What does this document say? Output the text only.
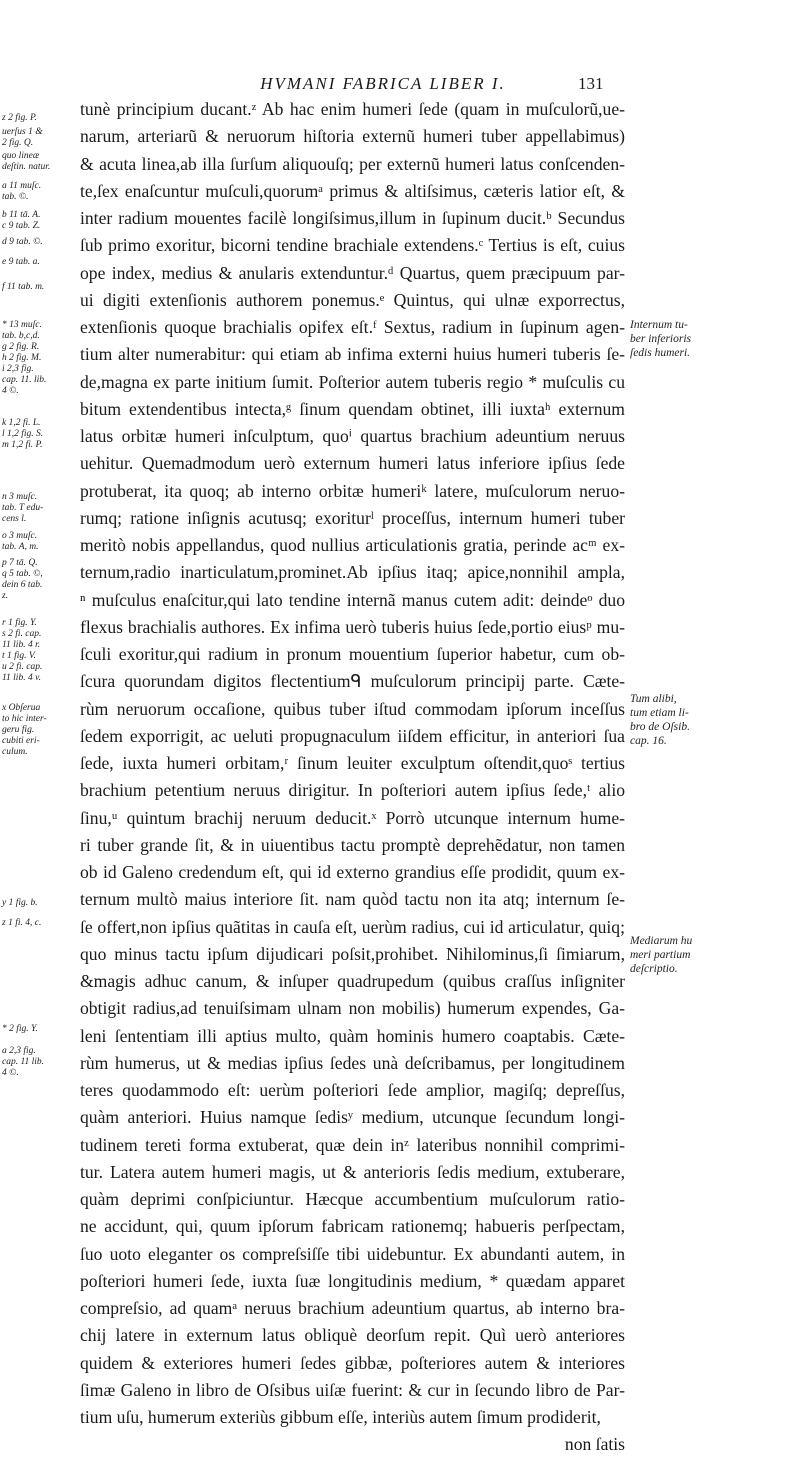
HVMANI FABRICA LIBER I.	131
tunè principium ducant.ᶻ Ab hac enim humeri ſede (quam in muſculorũ,ue-
narum, arteriarũ & neruorum hiſtoria externũ humeri tuber appellabimus)
& acuta linea,ab illa ſurſum aliquouſq; per externũ humeri latus conſcenden-
te,ſex enaſcuntur muſculi,quorumᵃ primus & altiſsimus, cæteris latior eſt, &
inter radium mouentes facilè longiſsimus,illum in ſupinum ducit.ᵇ Secundus
ſub primo exoritur, bicorni tendine brachiale extendens.ᶜ Tertius is eſt, cuius
ope index, medius & anularis extenduntur.ᵈ Quartus, quem præcipuum par-
ui digiti extenſionis authorem ponemus.ᵉ Quintus, qui ulnæ exporrectus,
extenſionis quoque brachialis opifex eſt.ᶠ Sextus, radium in ſupinum agen-
tium alter numerabitur: qui etiam ab infima externi huius humeri tuberis ſe-
de,magna ex parte initium ſumit. Poſterior autem tuberis regio * muſculis cu
bitum extendentibus intecta,ᵍ ſinum quendam obtinet, illi iuxtaʰ externum
latus orbitæ humeri inſculptum, quoⁱ quartus brachium adeuntium neruus
uehitur. Quemadmodum uerò externum humeri latus inferiore ipſius ſede
protuberat, ita quoq; ab interno orbitæ humeriᵏ latere, muſculorum neruo-
rumq; ratione inſignis acutusq; exoriturˡ proceſſus, internum humeri tuber
meritò nobis appellandus, quod nullius articulationis gratia, perinde acᵐ ex-
ternum,radio inarticulatum,prominet.Ab ipſius itaq; apice,nonnihil ampla,
ⁿ muſculus enaſcitur,qui lato tendine internã manus cutem adit: deindeᵒ duo
flexus brachialis authores. Ex infima uerò tuberis huius ſede,portio eiusᵖ mu-
ſculi exoritur,qui radium in pronum mouentium ſuperior habetur, cum ob-
ſcura quorundam digitos flectentiumᑫ muſculorum principij parte. Cæte-
rùm neruorum occaſione, quibus tuber iſtud commodam ipſorum inceſſus
ſedem exporrigit, ac ueluti propugnaculum iiſdem efficitur, in anteriori ſua
ſede, iuxta humeri orbitam,ʳ ſinum leuiter exculptum oſtendit,quoˢ tertius
brachium petentium neruus dirigitur. In poſteriori autem ipſius ſede,ᵗ alio
ſinu,ᵘ quintum brachij neruum deducit.ˣ Porrò utcunque internum hume-
ri tuber grande ſit, & in uiuentibus tactu promptè deprehẽdatur, non tamen
ob id Galeno credendum eſt, qui id externo grandius eſſe prodidit, quum ex-
ternum multò maius interiore ſit. nam quòd tactu non ita atq; internum ſe-
ſe offert,non ipſius quãtitas in cauſa eſt, uerùm radius, cui id articulatur, quiq;
quo minus tactu ipſum dijudicari poſsit,prohibet. Nihilominus,ſi ſimiarum,
&magis adhuc canum, & inſuper quadrupedum (quibus craſſus inſigniter
obtigit radius,ad tenuiſsimam ulnam non mobilis) humerum expendes, Ga-
leni ſententiam illi aptius multo, quàm hominis humero coaptabis. Cæte-
rùm humerus, ut & medias ipſius ſedes unà deſcribamus, per longitudinem
teres quodammodo eſt: uerùm poſteriori ſede amplior, magiſq; depreſſus,
quàm anteriori. Huius namque ſedisʸ medium, utcunque ſecundum longi-
tudinem tereti forma extuberat, quæ dein inᶻ lateribus nonnihil comprimi-
tur. Latera autem humeri magis, ut & anterioris ſedis medium, extuberare,
quàm deprimi conſpiciuntur. Hæcque accumbentium muſculorum ratio-
ne accidunt, qui, quum ipſorum fabricam rationemq; habueris perſpectam,
ſuo uoto eleganter os compreſsiſſe tibi uidebuntur. Ex abundanti autem, in
poſteriori humeri ſede, iuxta ſuæ longitudinis medium, * quædam apparet
compreſsio, ad quamᵃ neruus brachium adeuntium quartus, ab interno bra-
chij latere in externum latus obliquè deorſum repit. Quì uerò anteriores
quidem & exteriores humeri ſedes gibbæ, poſteriores autem & interiores
ſimæ Galeno in libro de Oſsibus uiſæ fuerint: & cur in ſecundo libro de Par-
tium uſu, humerum exteriùs gibbum eſſe, interiùs autem ſimum prodiderit,
non ſatis
z 2 fig. P.
uerſus 1 &
2 fig. Q.
quo lineæ
deſtin. natur.
a 11 muſc.
tab. ©.
b 11 tā. A.
c 9 tab. Z.
d 9 tab. ©.
e 9 tab. a.
f 11 tab. m.
* 13 muſc.
tab. b,c,d.
g 2 fig. R.
h 2 fig. M.
i 2,3 fig.
cap. 11. lib.
4 ©.
k 1,2 fi. L.
l 1,2 fig. S.
m 1,2 fi. P.
n 3 muſc.
tab. T edu-
cens l.
o 3 muſc.
tab. A, m.
p 7 tā. Q.
q 5 tab. ©,
dein 6 tab.
z.
r 1 fig. Y.
s 2 fi. cap.
11 lib. 4 r.
t 1 fig. V.
u 2 fi. cap.
11 lib. 4 v.
x Obſerua
to hic inter-
geru fig.
cubiti eri-
culum.
y 1 fig. b.
z 1 fi. 4, c.
* 2 fig. Y.
a 2,3 fig.
cap. 11 lib.
4 ©.
Internum tu-
ber inferioris
ſedis humeri.
Tum alibi,
tum etiam li-
bro de Oſsib.
cap. 16.
Mediarum hu
meri partium
deſcriptio.
